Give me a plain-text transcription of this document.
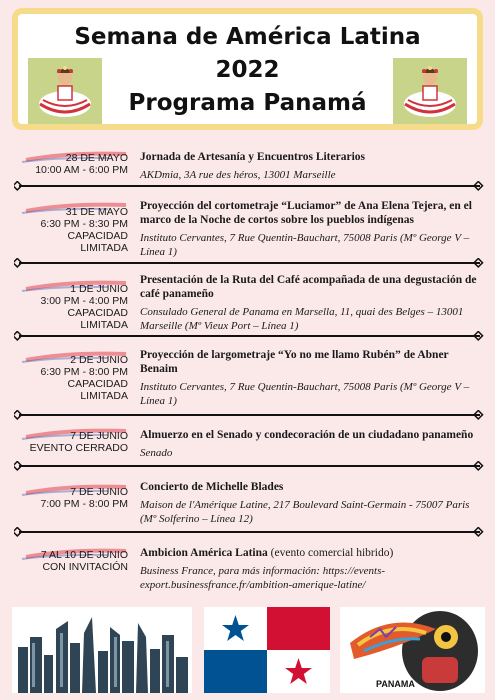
Semana de América Latina
2022
Programa Panamá
28 DE MAYO
10:00 AM - 6:00 PM

Jornada de Artesanía y Encuentros Literarios

AKDmia, 3A rue des héros, 13001 Marseille

31 DE MAYO
6:30 PM - 8:30 PM
CAPACIDAD
LIMITADA

Proyección del cortometraje “Luciamor” de Ana Elena Tejera, en el marco de la Noche de cortos sobre los pueblos indígenas

Instituto Cervantes, 7 Rue Quentin-Bauchart, 75008 Paris (Mº George V – Línea 1)

1 DE JUNIO
3:00 PM - 4:00 PM
CAPACIDAD
LIMITADA

Presentación de la Ruta del Café acompañada de una degustación de café panameño

Consulado General de Panama en Marsella, 11, quai des Belges – 13001 Marseille (Mº Vieux Port – Línea 1)

2 DE JUNIO
6:30 PM - 8:00 PM
CAPACIDAD
LIMITADA

Proyección de largometraje “Yo no me llamo Rubén” de Abner Benaim

Instituto Cervantes, 7 Rue Quentin-Bauchart, 75008 Paris (Mº George V – Línea 1)

7 DE JUNIO
EVENTO CERRADO

Almuerzo en el Senado y condecoración de un ciudadano panameño

Senado

7 DE JUNIO
7:00 PM - 8:00 PM

Concierto de Michelle Blades

Maison de l'Amérique Latine, 217 Boulevard Saint-Germain - 75007 Paris (Mº Solferino – Línea 12)

7 AL 10 DE JUNIO
CON INVITACIÓN

Ambicion América Latina (evento comercial hibrido)

Business France, para más información: https://events-export.businessfrance.fr/ambition-amerique-latine/

PANAMA
